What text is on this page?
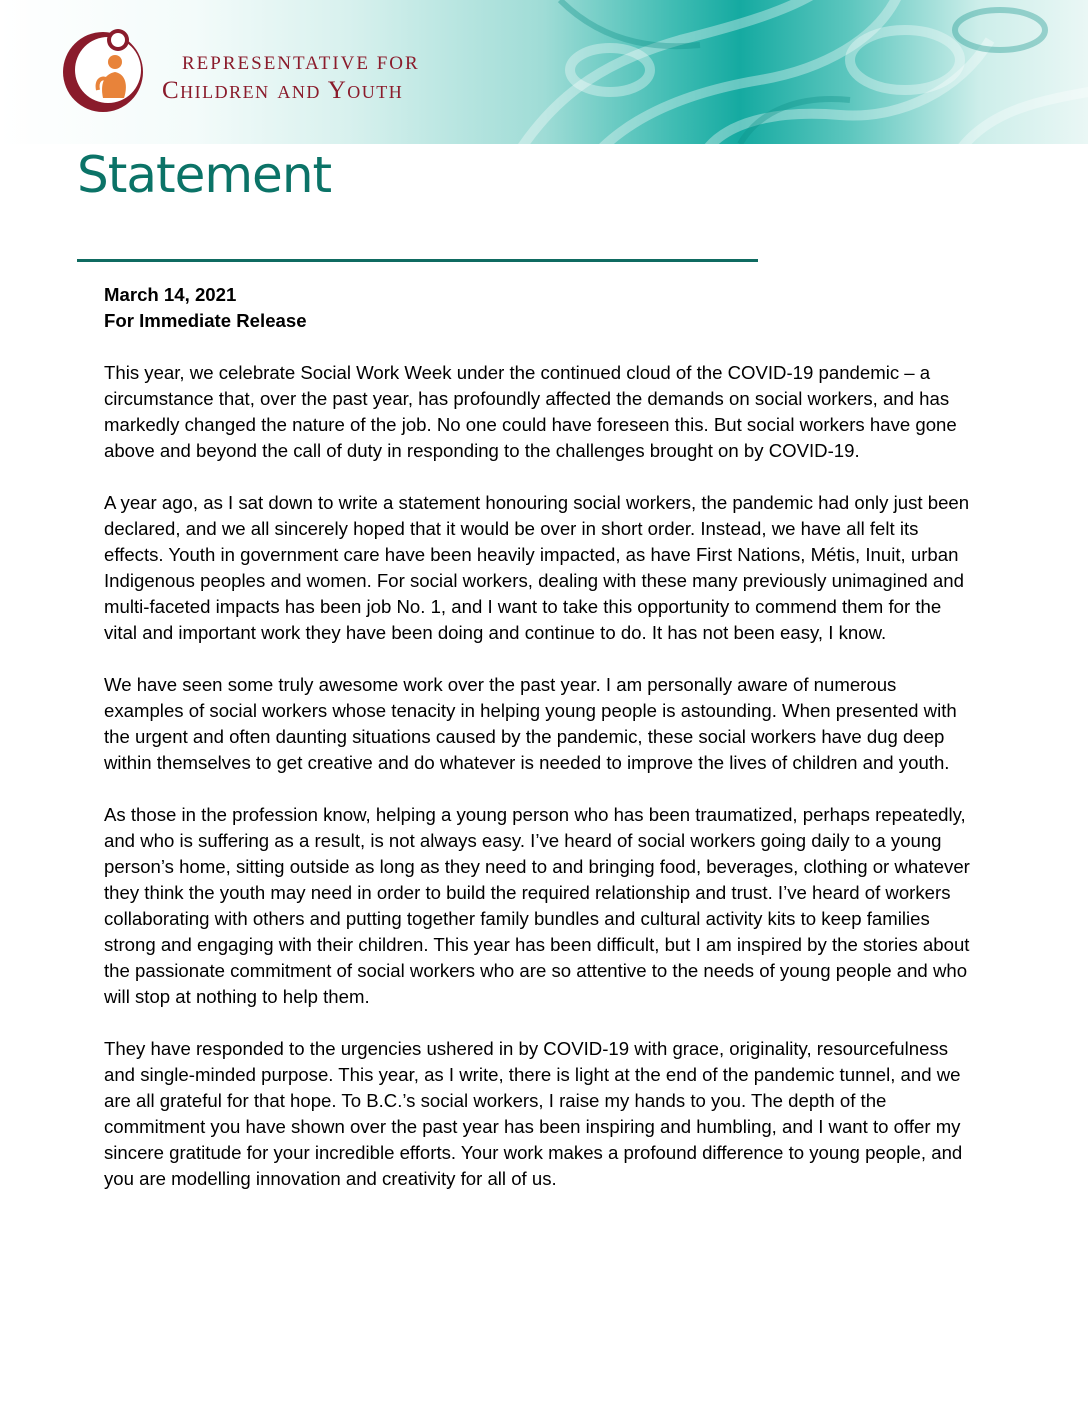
REPRESENTATIVE FOR
Children and Youth
Statement
March 14, 2021
For Immediate Release

This year, we celebrate Social Work Week under the continued cloud of the COVID-19 pandemic – a circumstance that, over the past year, has profoundly affected the demands on social workers, and has markedly changed the nature of the job. No one could have foreseen this. But social workers have gone above and beyond the call of duty in responding to the challenges brought on by COVID-19.

A year ago, as I sat down to write a statement honouring social workers, the pandemic had only just been declared, and we all sincerely hoped that it would be over in short order. Instead, we have all felt its effects. Youth in government care have been heavily impacted, as have First Nations, Métis, Inuit, urban Indigenous peoples and women. For social workers, dealing with these many previously unimagined and multi-faceted impacts has been job No. 1, and I want to take this opportunity to commend them for the vital and important work they have been doing and continue to do. It has not been easy, I know.

We have seen some truly awesome work over the past year. I am personally aware of numerous examples of social workers whose tenacity in helping young people is astounding. When presented with the urgent and often daunting situations caused by the pandemic, these social workers have dug deep within themselves to get creative and do whatever is needed to improve the lives of children and youth.

As those in the profession know, helping a young person who has been traumatized, perhaps repeatedly, and who is suffering as a result, is not always easy. I’ve heard of social workers going daily to a young person’s home, sitting outside as long as they need to and bringing food, beverages, clothing or whatever they think the youth may need in order to build the required relationship and trust. I’ve heard of workers collaborating with others and putting together family bundles and cultural activity kits to keep families strong and engaging with their children. This year has been difficult, but I am inspired by the stories about the passionate commitment of social workers who are so attentive to the needs of young people and who will stop at nothing to help them.

They have responded to the urgencies ushered in by COVID-19 with grace, originality, resourcefulness and single-minded purpose. This year, as I write, there is light at the end of the pandemic tunnel, and we are all grateful for that hope. To B.C.’s social workers, I raise my hands to you. The depth of the commitment you have shown over the past year has been inspiring and humbling, and I want to offer my sincere gratitude for your incredible efforts. Your work makes a profound difference to young people, and you are modelling innovation and creativity for all of us.
